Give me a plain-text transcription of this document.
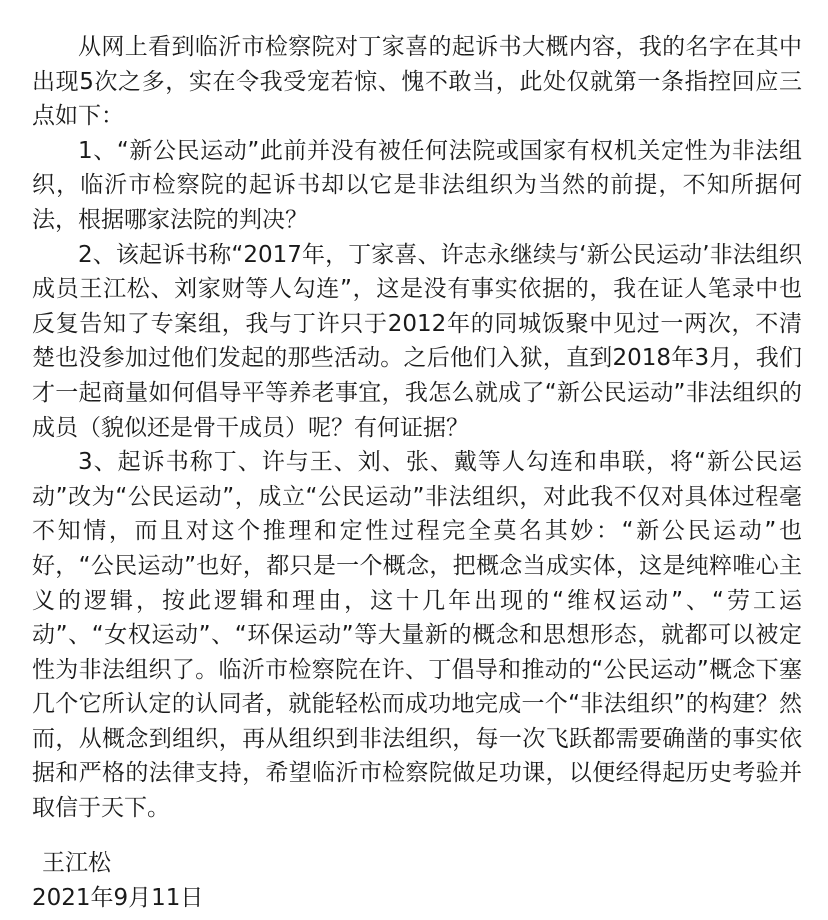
从网上看到临沂市检察院对丁家喜的起诉书大概内容，我的名字在其中出现5次之多，实在令我受宠若惊、愧不敢当，此处仅就第一条指控回应三点如下：

1、“新公民运动”此前并没有被任何法院或国家有权机关定性为非法组织，临沂市检察院的起诉书却以它是非法组织为当然的前提，不知所据何法，根据哪家法院的判决？

2、该起诉书称“2017年，丁家喜、许志永继续与‘新公民运动’非法组织成员王江松、刘家财等人勾连”，这是没有事实依据的，我在证人笔录中也反复告知了专案组，我与丁许只于2012年的同城饭聚中见过一两次，不清楚也没参加过他们发起的那些活动。之后他们入狱，直到2018年3月，我们才一起商量如何倡导平等养老事宜，我怎么就成了“新公民运动”非法组织的成员（貌似还是骨干成员）呢？有何证据？

3、起诉书称丁、许与王、刘、张、戴等人勾连和串联，将“新公民运动”改为“公民运动”，成立“公民运动”非法组织，对此我不仅对具体过程毫不知情，而且对这个推理和定性过程完全莫名其妙：“新公民运动”也好，“公民运动”也好，都只是一个概念，把概念当成实体，这是纯粹唯心主义的逻辑，按此逻辑和理由，这十几年出现的“维权运动”、“劳工运动”、“女权运动”、“环保运动”等大量新的概念和思想形态，就都可以被定性为非法组织了。临沂市检察院在许、丁倡导和推动的“公民运动”概念下塞几个它所认定的认同者，就能轻松而成功地完成一个“非法组织”的构建？然而，从概念到组织，再从组织到非法组织，每一次飞跃都需要确凿的事实依据和严格的法律支持，希望临沂市检察院做足功课，以便经得起历史考验并取信于天下。

王江松

2021年9月11日
